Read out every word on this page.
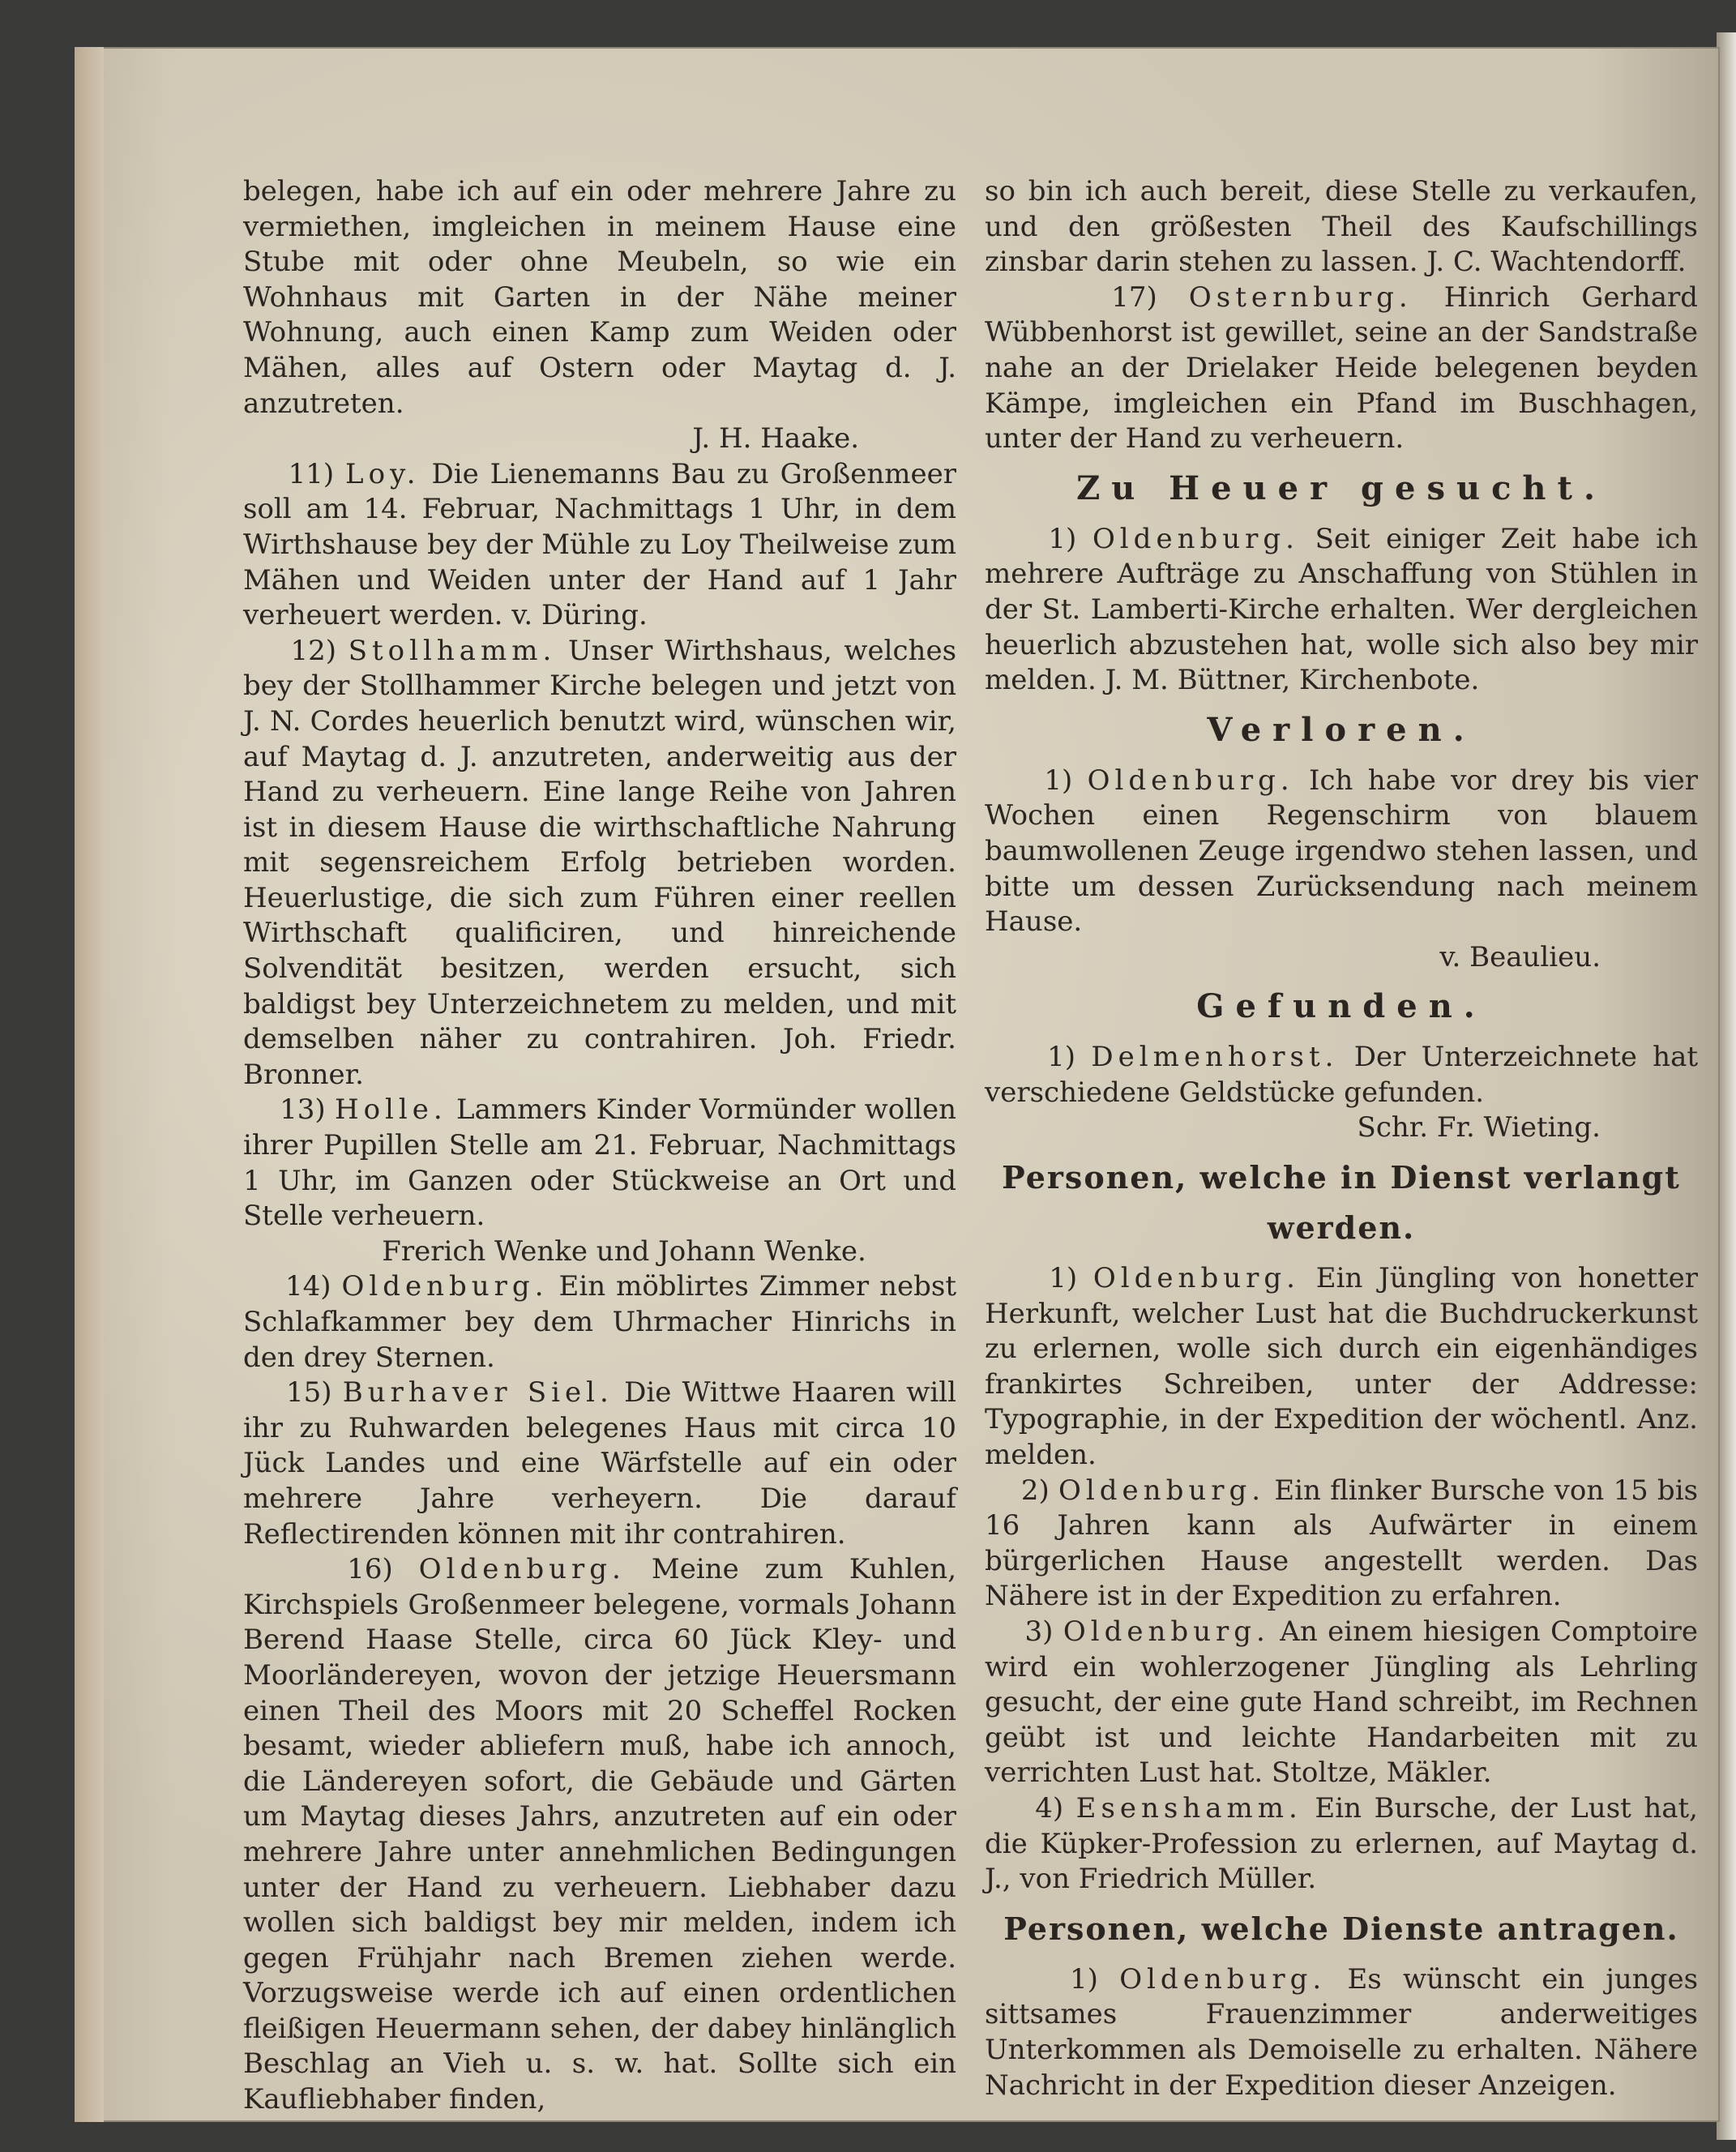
belegen, habe ich auf ein oder mehrere Jahre zu vermiethen, imgleichen in meinem Hause eine Stube mit oder ohne Meubeln, so wie ein Wohnhaus mit Garten in der Nähe meiner Wohnung, auch einen Kamp zum Weiden oder Mähen, alles auf Ostern oder Maytag d. J. anzutreten.

J. H. Haake.

11) Loy. Die Lienemanns Bau zu Großenmeer soll am 14. Februar, Nachmittags 1 Uhr, in dem Wirthshause bey der Mühle zu Loy Theilweise zum Mähen und Weiden unter der Hand auf 1 Jahr verheuert werden. v. Düring.

12) Stollhamm. Unser Wirthshaus, welches bey der Stollhammer Kirche belegen und jetzt von J. N. Cordes heuerlich benutzt wird, wünschen wir, auf Maytag d. J. anzutreten, anderweitig aus der Hand zu verheuern. Eine lange Reihe von Jahren ist in diesem Hause die wirthschaftliche Nahrung mit segensreichem Erfolg betrieben worden. Heuerlustige, die sich zum Führen einer reellen Wirthschaft qualificiren, und hinreichende Solvendität besitzen, werden ersucht, sich baldigst bey Unterzeichnetem zu melden, und mit demselben näher zu contrahiren. Joh. Friedr. Bronner.

13) Holle. Lammers Kinder Vormünder wollen ihrer Pupillen Stelle am 21. Februar, Nachmittags 1 Uhr, im Ganzen oder Stückweise an Ort und Stelle verheuern.

Frerich Wenke und Johann Wenke.

14) Oldenburg. Ein möblirtes Zimmer nebst Schlafkammer bey dem Uhrmacher Hinrichs in den drey Sternen.

15) Burhaver Siel. Die Wittwe Haaren will ihr zu Ruhwarden belegenes Haus mit circa 10 Jück Landes und eine Wärfstelle auf ein oder mehrere Jahre verheyern. Die darauf Reflectirenden können mit ihr contrahiren.

16) Oldenburg. Meine zum Kuhlen, Kirchspiels Großenmeer belegene, vormals Johann Berend Haase Stelle, circa 60 Jück Kley- und Moorländereyen, wovon der jetzige Heuersmann einen Theil des Moors mit 20 Scheffel Rocken besamt, wieder abliefern muß, habe ich annoch, die Ländereyen sofort, die Gebäude und Gärten um Maytag dieses Jahrs, anzutreten auf ein oder mehrere Jahre unter annehmlichen Bedingungen unter der Hand zu verheuern. Liebhaber dazu wollen sich baldigst bey mir melden, indem ich gegen Frühjahr nach Bremen ziehen werde. Vorzugsweise werde ich auf einen ordentlichen fleißigen Heuermann sehen, der dabey hinlänglich Beschlag an Vieh u. s. w. hat. Sollte sich ein Kaufliebhaber finden,

so bin ich auch bereit, diese Stelle zu verkaufen, und den größesten Theil des Kaufschillings zinsbar darin stehen zu lassen. J. C. Wachtendorff.

17) Osternburg. Hinrich Gerhard Wübbenhorst ist gewillet, seine an der Sandstraße nahe an der Drielaker Heide belegenen beyden Kämpe, imgleichen ein Pfand im Buschhagen, unter der Hand zu verheuern.

Zu Heuer gesucht.

1) Oldenburg. Seit einiger Zeit habe ich mehrere Aufträge zu Anschaffung von Stühlen in der St. Lamberti-Kirche erhalten. Wer dergleichen heuerlich abzustehen hat, wolle sich also bey mir melden. J. M. Büttner, Kirchenbote.

Verloren.

1) Oldenburg. Ich habe vor drey bis vier Wochen einen Regenschirm von blauem baumwollenen Zeuge irgendwo stehen lassen, und bitte um dessen Zurücksendung nach meinem Hause.

v. Beaulieu.

Gefunden.

1) Delmenhorst. Der Unterzeichnete hat verschiedene Geldstücke gefunden.

Schr. Fr. Wieting.

Personen, welche in Dienst verlangt werden.

1) Oldenburg. Ein Jüngling von honetter Herkunft, welcher Lust hat die Buchdruckerkunst zu erlernen, wolle sich durch ein eigenhändiges frankirtes Schreiben, unter der Addresse: Typographie, in der Expedition der wöchentl. Anz. melden.

2) Oldenburg. Ein flinker Bursche von 15 bis 16 Jahren kann als Aufwärter in einem bürgerlichen Hause angestellt werden. Das Nähere ist in der Expedition zu erfahren.

3) Oldenburg. An einem hiesigen Comptoire wird ein wohlerzogener Jüngling als Lehrling gesucht, der eine gute Hand schreibt, im Rechnen geübt ist und leichte Handarbeiten mit zu verrichten Lust hat. Stoltze, Mäkler.

4) Esenshamm. Ein Bursche, der Lust hat, die Küpker-Profession zu erlernen, auf Maytag d. J., von Friedrich Müller.

Personen, welche Dienste antragen.

1) Oldenburg. Es wünscht ein junges sittsames Frauenzimmer anderweitiges Unterkommen als Demoiselle zu erhalten. Nähere Nachricht in der Expedition dieser Anzeigen.
